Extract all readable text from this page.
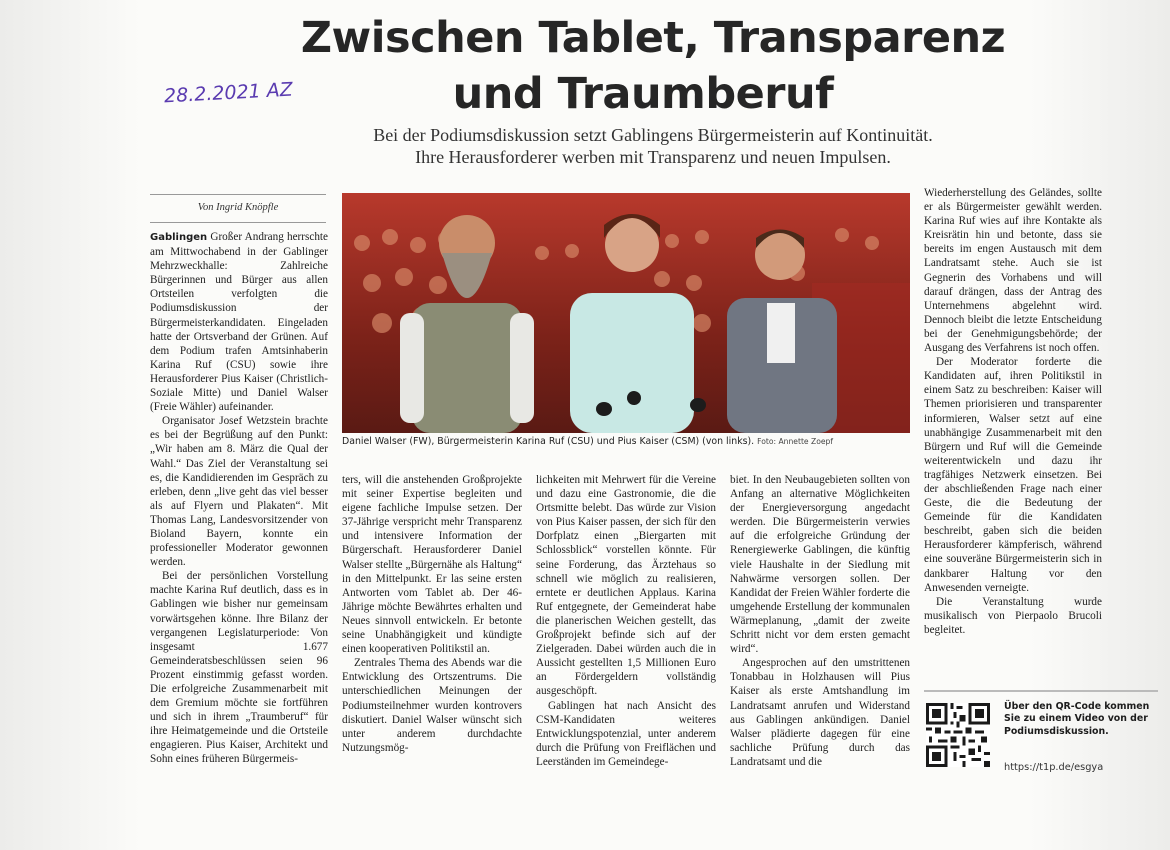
Zwischen Tablet, Transparenz
und Traumberuf
28.2.2021 AZ
Bei der Podiumsdiskussion setzt Gablingens Bürgermeisterin auf Kontinuität.
Ihre Herausforderer werben mit Transparenz und neuen Impulsen.
Von Ingrid Knöpfle

Gablingen Großer Andrang herrschte am Mittwochabend in der Gablinger Mehrzweckhalle: Zahlreiche Bürgerinnen und Bürger aus allen Ortsteilen verfolgten die Podiumsdiskussion der Bürgermeisterkandidaten. Eingeladen hatte der Ortsverband der Grünen. Auf dem Podium trafen Amtsinhaberin Karina Ruf (CSU) sowie ihre Herausforderer Pius Kaiser (Christlich-Soziale Mitte) und Daniel Walser (Freie Wähler) aufeinander.

Organisator Josef Wetzstein brachte es bei der Begrüßung auf den Punkt: „Wir haben am 8. März die Qual der Wahl.“ Das Ziel der Veranstaltung sei es, die Kandidierenden im Gespräch zu erleben, denn „live geht das viel besser als auf Flyern und Plakaten“. Mit Thomas Lang, Landesvorsitzender von Bioland Bayern, konnte ein professioneller Moderator gewonnen werden.

Bei der persönlichen Vorstellung machte Karina Ruf deutlich, dass es in Gablingen wie bisher nur gemeinsam vorwärtsgehen könne. Ihre Bilanz der vergangenen Legislaturperiode: Von insgesamt 1.677 Gemeinderatsbeschlüssen seien 96 Prozent einstimmig gefasst worden. Die erfolgreiche Zusammenarbeit mit dem Gremium möchte sie fortführen und sich in ihrem „Traumberuf“ für ihre Heimatgemeinde und die Ortsteile engagieren. Pius Kaiser, Architekt und Sohn eines früheren Bürgermeis-

Daniel Walser (FW), Bürgermeisterin Karina Ruf (CSU) und Pius Kaiser (CSM) (von links). Foto: Annette Zoepf

ters, will die anstehenden Großprojekte mit seiner Expertise begleiten und eigene fachliche Impulse setzen. Der 37-Jährige verspricht mehr Transparenz und intensivere Information der Bürgerschaft. Herausforderer Daniel Walser stellte „Bürgernähe als Haltung“ in den Mittelpunkt. Er las seine ersten Antworten vom Tablet ab. Der 46-Jährige möchte Bewährtes erhalten und Neues sinnvoll entwickeln. Er betonte seine Unabhängigkeit und kündigte einen kooperativen Politikstil an.

Zentrales Thema des Abends war die Entwicklung des Ortszentrums. Die unterschiedlichen Meinungen der Podiumsteilnehmer wurden kontrovers diskutiert. Daniel Walser wünscht sich unter anderem durchdachte Nutzungsmög-

lichkeiten mit Mehrwert für die Vereine und dazu eine Gastronomie, die die Ortsmitte belebt. Das würde zur Vision von Pius Kaiser passen, der sich für den Dorfplatz einen „Biergarten mit Schlossblick“ vorstellen könnte. Für seine Forderung, das Ärztehaus so schnell wie möglich zu realisieren, erntete er deutlichen Applaus. Karina Ruf entgegnete, der Gemeinderat habe die planerischen Weichen gestellt, das Großprojekt befinde sich auf der Zielgeraden. Dabei würden auch die in Aussicht gestellten 1,5 Millionen Euro an Fördergeldern vollständig ausgeschöpft.

Gablingen hat nach Ansicht des CSM-Kandidaten weiteres Entwicklungspotenzial, unter anderem durch die Prüfung von Freiflächen und Leerständen im Gemeindege-

biet. In den Neubaugebieten sollten von Anfang an alternative Möglichkeiten der Energieversorgung angedacht werden. Die Bürgermeisterin verwies auf die erfolgreiche Gründung der Renergiewerke Gablingen, die künftig viele Haushalte in der Siedlung mit Nahwärme versorgen sollen. Der Kandidat der Freien Wähler forderte die umgehende Erstellung der kommunalen Wärmeplanung, „damit der zweite Schritt nicht vor dem ersten gemacht wird“.

Angesprochen auf den umstrittenen Tonabbau in Holzhausen will Pius Kaiser als erste Amtshandlung im Landratsamt anrufen und Widerstand aus Gablingen ankündigen. Daniel Walser plädierte dagegen für eine sachliche Prüfung durch das Landratsamt und die

Wiederherstellung des Geländes, sollte er als Bürgermeister gewählt werden. Karina Ruf wies auf ihre Kontakte als Kreisrätin hin und betonte, dass sie bereits im engen Austausch mit dem Landratsamt stehe. Auch sie ist Gegnerin des Vorhabens und will darauf drängen, dass der Antrag des Unternehmens abgelehnt wird. Dennoch bleibt die letzte Entscheidung bei der Genehmigungsbehörde; der Ausgang des Verfahrens ist noch offen.

Der Moderator forderte die Kandidaten auf, ihren Politikstil in einem Satz zu beschreiben: Kaiser will Themen priorisieren und transparenter informieren, Walser setzt auf eine unabhängige Zusammenarbeit mit den Bürgern und Ruf will die Gemeinde weiterentwickeln und dazu ihr tragfähiges Netzwerk einsetzen. Bei der abschließenden Frage nach einer Geste, die die Bedeutung der Gemeinde für die Kandidaten beschreibt, gaben sich die beiden Herausforderer kämpferisch, während eine souveräne Bürgermeisterin sich in dankbarer Haltung vor den Anwesenden verneigte.

Die Veranstaltung wurde musikalisch von Pierpaolo Brucoli begleitet.

Über den QR-Code kommen Sie zu einem Video von der Podiumsdiskussion.
https://t1p.de/esgya
